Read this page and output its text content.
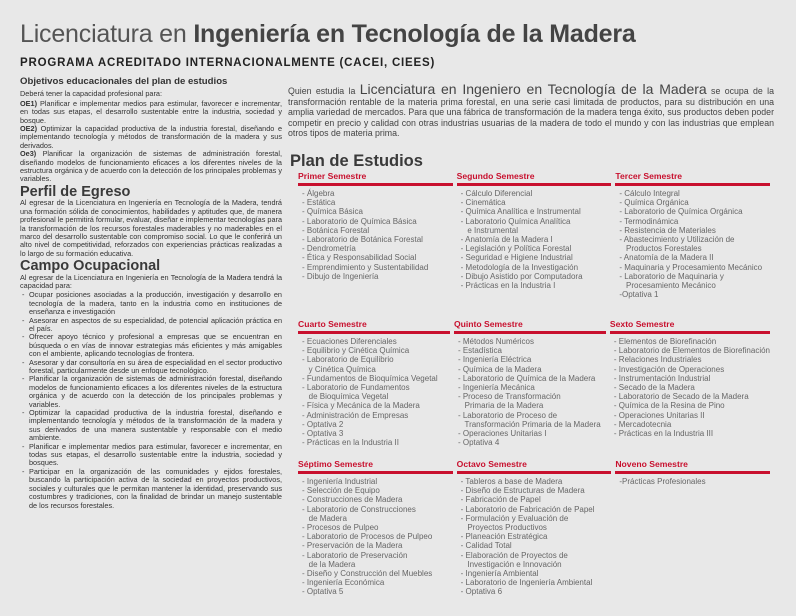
Licenciatura en Ingeniería en Tecnología de la Madera
PROGRAMA ACREDITADO INTERNACIONALMENTE (CACEI, CIEES)
Objetivos educacionales del plan de estudios

Deberá tener la capacidad profesional para:

OE1) Planificar e implementar medios para estimular, favorecer e incrementar, en todas sus etapas, el desarrollo sustentable entre la industria, sociedad y bosque.

OE2) Optimizar la capacidad productiva de la industria forestal, diseñando e implementando tecnología y métodos de transformación de la madera y sus derivados.

Oe3) Planificar la organización de sistemas de administración forestal, diseñando modelos de funcionamiento eficaces a los diferentes niveles de la estructura orgánica y de acuerdo con la detección de los principales problemas y variables.

Perfil de Egreso

Al egresar de la Licenciatura en Ingeniería en Tecnología de la Madera, tendrá una formación sólida de conocimientos, habilidades y aptitudes que, de manera profesional le permitirá formular, evaluar, diseñar e implementar tecnologías para la transformación de los recursos forestales maderables y no maderables en el marco del desarrollo sustentable con compromiso social. Lo que le conferirá un alto nivel de competitividad, reforzados con experiencias prácticas realizadas a lo largo de su formación educativa.

Campo Ocupacional

Al egresar de la Licenciatura en Ingeniería en Tecnología de la Madera tendrá la capacidad para:

- Ocupar posiciones asociadas a la producción, investigación y desarrollo en tecnología de la madera, tanto en la industria como en instituciones de enseñanza e investigación
- Asesorar en aspectos de su especialidad, de potencial aplicación práctica en el país.
- Ofrecer apoyo técnico y profesional a empresas que se encuentran en búsqueda o en vías de innovar estrategias más eficientes y más amigables con el ambiente, aplicando tecnologías de frontera.
- Asesorar y dar consultoría en su área de especialidad en el sector productivo forestal, particularmente desde un enfoque tecnológico.
- Planificar la organización de sistemas de administración forestal, diseñando modelos de funcionamiento eficaces a los diferentes niveles de la estructura orgánica y de acuerdo con la detección de los principales problemas y variables.
- Optimizar la capacidad productiva de la industria forestal, diseñando e implementando tecnología y métodos de la transformación de la madera y sus derivados de una manera sustentable y responsable con el medio ambiente.
- Planificar e implementar medios para estimular, favorecer e incrementar, en todas sus etapas, el desarrollo sustentable entre la industria, sociedad y bosques.
- Participar en la organización de las comunidades y ejidos forestales, buscando la participación activa de la sociedad en proyectos productivos, sociales y culturales que le permitan mantener la identidad, preservando sus costumbres y tradiciones, con la finalidad de brindar un manejo sustentable de los recursos forestales.
Quien estudia la Licenciatura en Ingeniero en Tecnología de la Madera se ocupa de la transformación rentable de la materia prima forestal, en una serie casi limitada de productos, para su distribución en una amplia variedad de mercados. Para que una fábrica de transformación de la madera tenga éxito, sus productos deben poder competir en precio y calidad con otras industrias usuarias de la madera de todo el mundo y con las industrias que emplean otros tipos de materia prima.
Plan de Estudios
Primer Semestre
- Álgebra
- Estática
- Química Básica
- Laboratorio de Química Básica
- Botánica Forestal
- Laboratorio de Botánica Forestal
- Dendrometría
- Ética y Responsabilidad Social
- Emprendimiento y Sustentabilidad
- Dibujo de Ingeniería
Segundo Semestre
- Cálculo Diferencial
- Cinemática
- Química Analítica e Instrumental
- Laboratorio Química Analítica
e Instrumental
- Anatomía de la Madera I
- Legislación y Política Forestal
- Seguridad e Higiene Industrial
- Metodología de la Investigación
- Dibujo Asistido por Computadora
- Prácticas en la Industria I
Tercer Semestre
- Cálculo Integral
- Química Orgánica
- Laboratorio de Química Orgánica
- Termodinámica
- Resistencia de Materiales
- Abastecimiento y Utilización de
Productos Forestales
- Anatomía de la Madera II
- Maquinaria y Procesamiento Mecánico
- Laboratorio de Maquinaria y
Procesamiento Mecánico
-Optativa 1
Cuarto Semestre
- Ecuaciones Diferenciales
- Equilibrio y Cinética Química
- Laboratorio de Equilibrio
y Cinética Química
- Fundamentos de Bioquímica Vegetal
- Laboratorio de Fundamentos
de Bioquímica Vegetal
- Física y Mecánica de la Madera
- Administración de Empresas
- Optativa 2
- Optativa 3
- Prácticas en la Industria II
Quinto Semestre
- Métodos Numéricos
- Estadística
- Ingeniería Eléctrica
- Química de la Madera
- Laboratorio de Química de la Madera
- Ingeniería Mecánica
- Proceso de Transformación
Primaria de la Madera
- Laboratorio de Proceso de
Transformación Primaria de la Madera
- Operaciones Unitarias I
- Optativa 4
Sexto Semestre
- Elementos de Biorefinación
- Laboratorio de Elementos de Biorefinación
- Relaciones Industriales
- Investigación de Operaciones
- Instrumentación Industrial
- Secado de la Madera
- Laboratorio de Secado de la Madera
- Química de la Resina de Pino
- Operaciones Unitarias II
- Mercadotecnia
- Prácticas en la Industria III
Séptimo Semestre
- Ingeniería Industrial
- Selección de Equipo
- Construcciones de Madera
- Laboratorio de Construcciones
de Madera
- Procesos de Pulpeo
- Laboratorio de Procesos de Pulpeo
- Preservación de la Madera
- Laboratorio de Preservación
de la Madera
- Diseño y Construcción del Muebles
- Ingeniería Económica
- Optativa 5
Octavo Semestre
- Tableros a base de Madera
- Diseño de Estructuras de Madera
- Fabricación de Papel
- Laboratorio de Fabricación de Papel
- Formulación y Evaluación de
Proyectos Productivos
- Planeación Estratégica
- Calidad Total
- Elaboración de Proyectos de
Investigación e Innovación
- Ingeniería Ambiental
- Laboratorio de Ingeniería Ambiental
- Optativa 6
Noveno Semestre
-Prácticas Profesionales
